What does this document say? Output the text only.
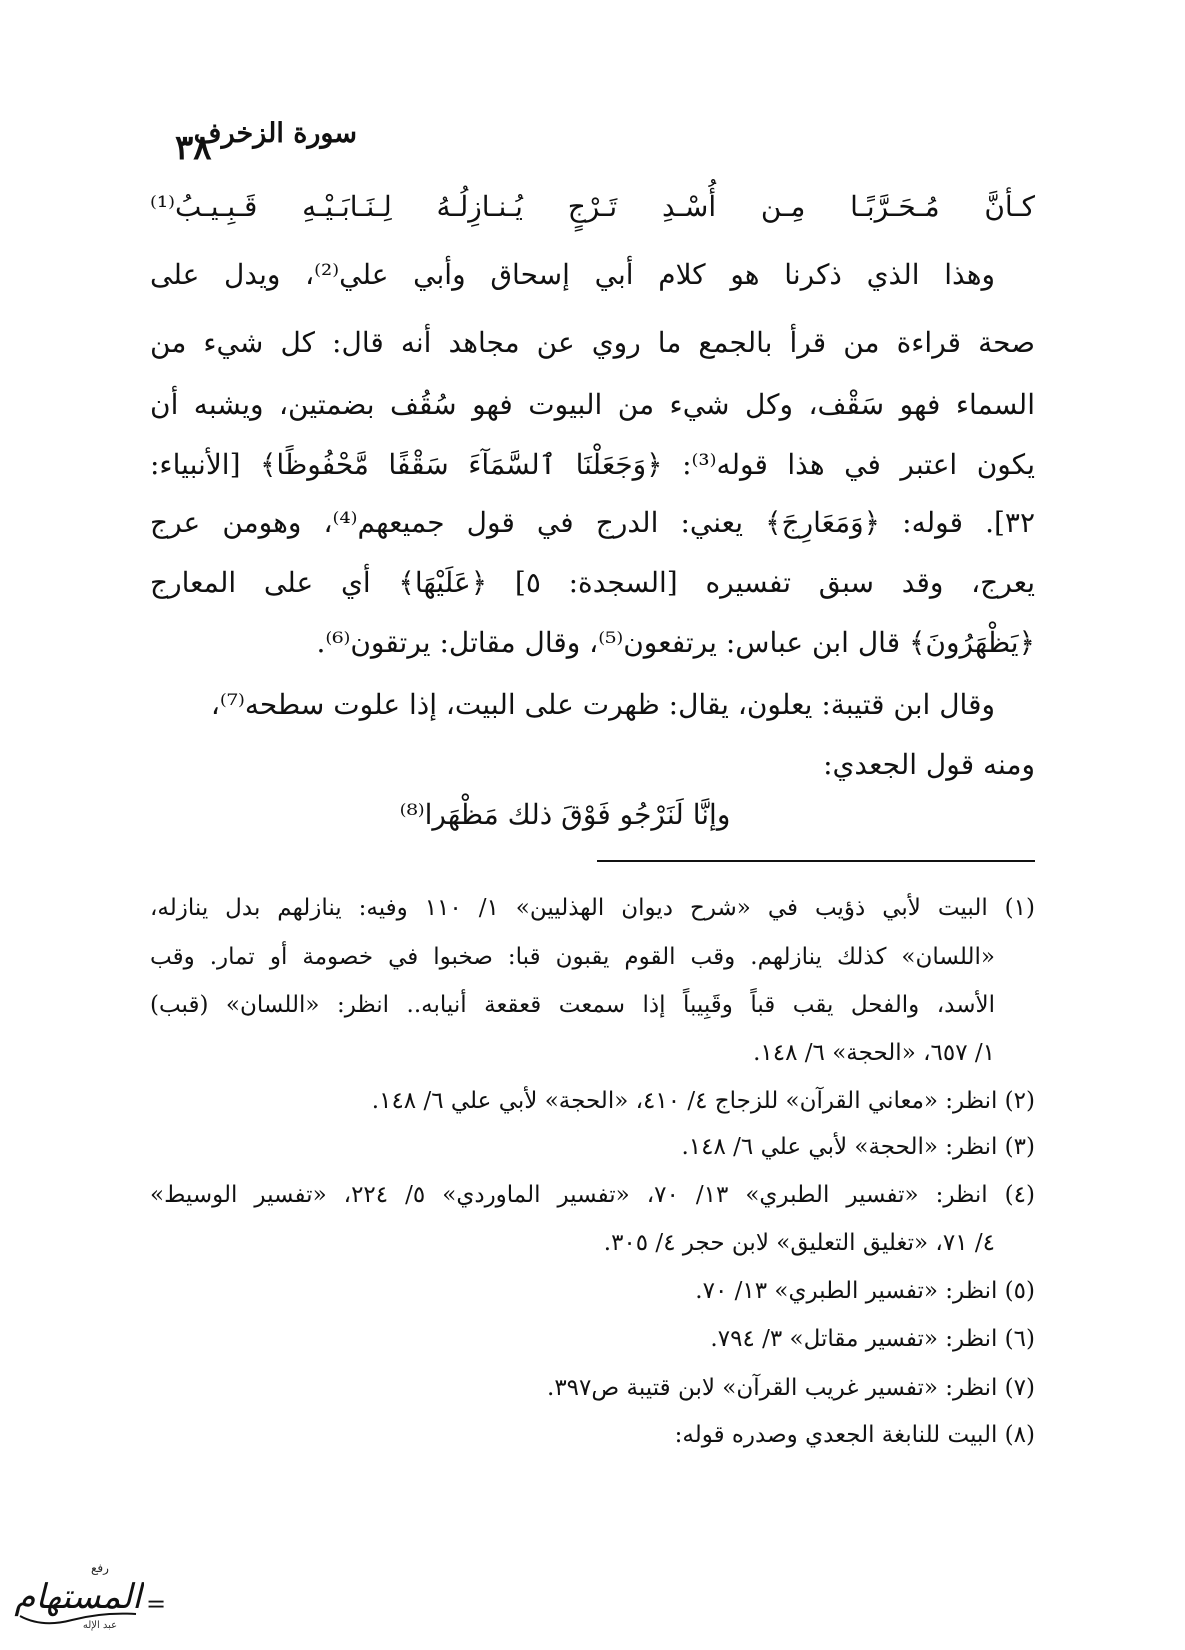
٣٨
سورة الزخرف
كـأنَّ مُـحَـرَّبًـا مِـن أُسْـدِ تَـرْجٍ يُـنـازِلُـهُ لِـنَـابَـيْـهِ قَـبِـيـبُ⁽¹⁾
وهذا الذي ذكرنا هو كلام أبي إسحاق وأبي علي⁽²⁾، ويدل على
صحة قراءة من قرأ بالجمع ما روي عن مجاهد أنه قال: كل شيء من
السماء فهو سَقْف، وكل شيء من البيوت فهو سُقُف بضمتين، ويشبه أن
يكون اعتبر في هذا قوله⁽³⁾: ﴿وَجَعَلْنَا ٱلسَّمَآءَ سَقْفًا مَّحْفُوظًا﴾ [الأنبياء:
٣٢]. قوله: ﴿وَمَعَارِجَ﴾ يعني: الدرج في قول جميعهم⁽⁴⁾، وهومن عرج
يعرج، وقد سبق تفسيره [السجدة: ٥] ﴿عَلَيْهَا﴾ أي على المعارج
﴿يَظْهَرُونَ﴾ قال ابن عباس: يرتفعون⁽⁵⁾، وقال مقاتل: يرتقون⁽⁶⁾.
وقال ابن قتيبة: يعلون، يقال: ظهرت على البيت، إذا علوت سطحه⁽⁷⁾،
ومنه قول الجعدي:
وإنَّا لَنَرْجُو فَوْقَ ذلك مَظْهَرا⁽⁸⁾
(١) البيت لأبي ذؤيب في «شرح ديوان الهذليين» ١/ ١١٠ وفيه: ينازلهم بدل ينازله،
«اللسان» كذلك ينازلهم. وقب القوم يقبون قبا: صخبوا في خصومة أو تمار. وقب
الأسد، والفحل يقب قباً وقَبِيباً إذا سمعت قعقعة أنيابه.. انظر: «اللسان» (قبب)
١/ ٦٥٧، «الحجة» ٦/ ١٤٨.
(٢) انظر: «معاني القرآن» للزجاج ٤/ ٤١٠، «الحجة» لأبي علي ٦/ ١٤٨.
(٣) انظر: «الحجة» لأبي علي ٦/ ١٤٨.
(٤) انظر: «تفسير الطبري» ١٣/ ٧٠، «تفسير الماوردي» ٥/ ٢٢٤، «تفسير الوسيط»
٤/ ٧١، «تغليق التعليق» لابن حجر ٤/ ٣٠٥.
(٥) انظر: «تفسير الطبري» ١٣/ ٧٠.
(٦) انظر: «تفسير مقاتل» ٣/ ٧٩٤.
(٧) انظر: «تفسير غريب القرآن» لابن قتيبة ص٣٩٧.
(٨) البيت للنابغة الجعدي وصدره قوله:
=
رفع
المستهام
عبد الإله
